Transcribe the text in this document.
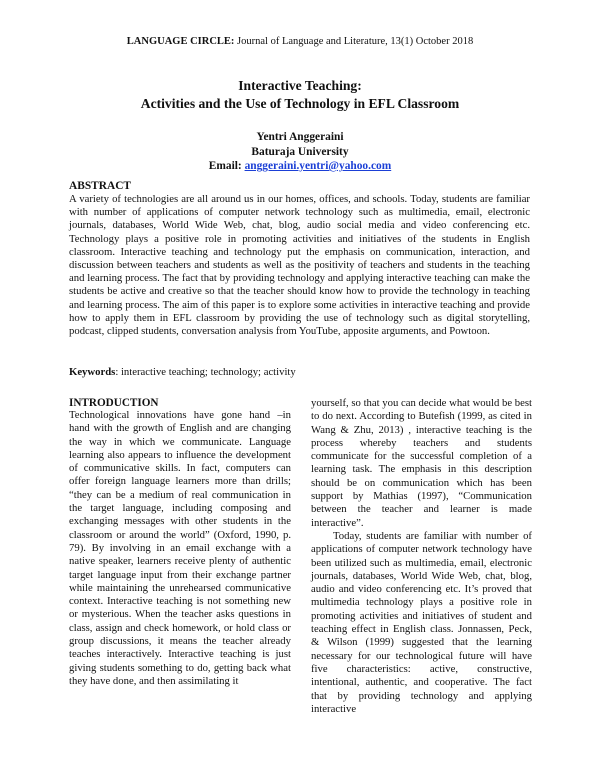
LANGUAGE CIRCLE: Journal of Language and Literature, 13(1) October 2018
Interactive Teaching:
Activities and the Use of Technology in EFL Classroom
Yentri Anggeraini
Baturaja University
Email: anggeraini.yentri@yahoo.com
ABSTRACT
A variety of technologies are all around us in our homes, offices, and schools. Today, students are familiar with number of applications of computer network technology such as multimedia, email, electronic journals, databases, World Wide Web, chat, blog, audio social media and video conferencing etc. Technology plays a positive role in promoting activities and initiatives of the students in English classroom. Interactive teaching and technology put the emphasis on communication, interaction, and discussion between teachers and students as well as the positivity of teachers and students in the teaching and learning process. The fact that by providing technology and applying interactive teaching can make the students be active and creative so that the teacher should know how to provide the technology in teaching and learning process. The aim of this paper is to explore some activities in interactive teaching and provide how to apply them in EFL classroom by providing the use of technology such as digital storytelling, podcast, clipped students, conversation analysis from YouTube, apposite arguments, and Powtoon.
Keywords: interactive teaching; technology; activity
INTRODUCTION

Technological innovations have gone hand –in hand with the growth of English and are changing the way in which we communicate. Language learning also appears to influence the development of communicative skills. In fact, computers can offer foreign language learners more than drills; “they can be a medium of real communication in the target language, including composing and exchanging messages with other students in the classroom or around the world” (Oxford, 1990, p. 79). By involving in an email exchange with a native speaker, learners receive plenty of authentic target language input from their exchange partner while maintaining the unrehearsed communicative context. Interactive teaching is not something new or mysterious. When the teacher asks questions in class, assign and check homework, or hold class or group discussions, it means the teacher already teaches interactively. Interactive teaching is just giving students something to do, getting back what they have done, and then assimilating it

yourself, so that you can decide what would be best to do next. According to Butefish (1999, as cited in Wang & Zhu, 2013) , interactive teaching is the process whereby teachers and students communicate for the successful completion of a learning task. The emphasis in this description should be on communication which has been support by Mathias (1997), “Communication between the teacher and learner is made interactive”.

Today, students are familiar with number of applications of computer network technology have been utilized such as multimedia, email, electronic journals, databases, World Wide Web, chat, blog, audio and video conferencing etc. It’s proved that multimedia technology plays a positive role in promoting activities and initiatives of student and teaching effect in English class. Jonnassen, Peck, & Wilson (1999) suggested that the learning necessary for our technological future will have five characteristics: active, constructive, intentional, authentic, and cooperative. The fact that by providing technology and applying interactive
